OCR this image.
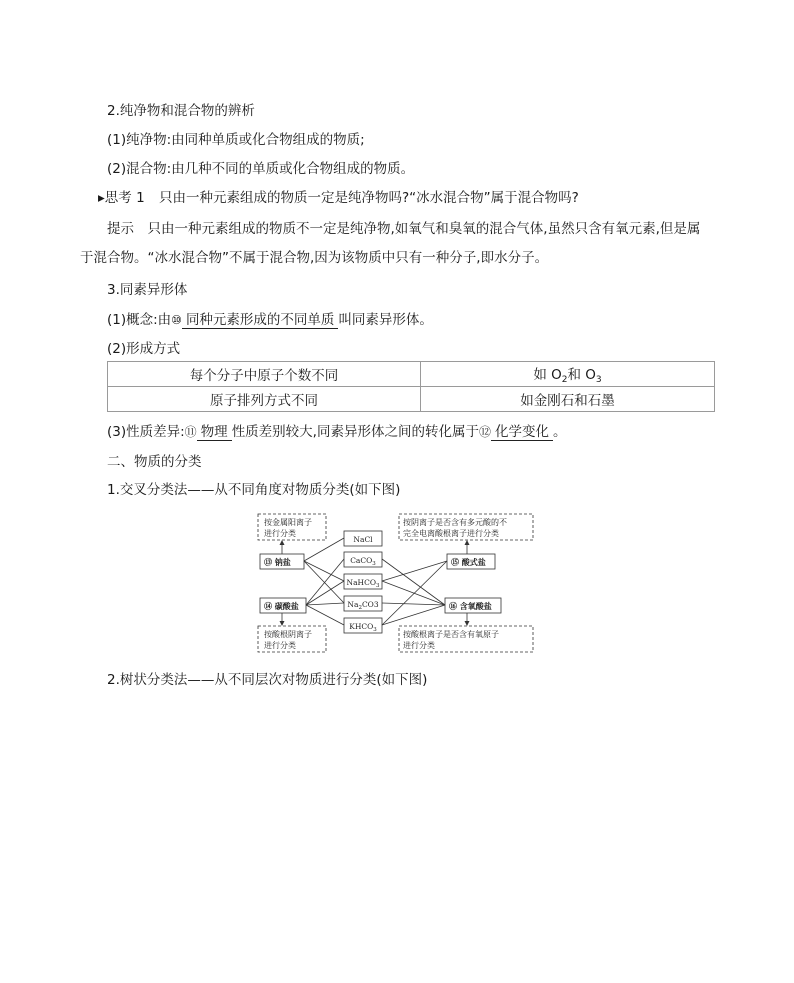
2.纯净物和混合物的辨析
(1)纯净物:由同种单质或化合物组成的物质;
(2)混合物:由几种不同的单质或化合物组成的物质。
▸思考 1 只由一种元素组成的物质一定是纯净物吗?“冰水混合物”属于混合物吗?
提示　只由一种元素组成的物质不一定是纯净物,如氧气和臭氧的混合气体,虽然只含有氧元素,但是属
于混合物。“冰水混合物”不属于混合物,因为该物质中只有一种分子,即水分子。
3.同素异形体
(1)概念:由⑩ 同种元素形成的不同单质 叫同素异形体。
(2)形成方式
每个分子中原子个数不同	如 $O_2$和 $O_3$
原子排列方式不同	如金刚石和石墨
(3)性质差异:⑪ 物理 性质差别较大,同素异形体之间的转化属于⑫ 化学变化 。
二、物质的分类
1.交叉分类法——从不同角度对物质分类(如下图)
按金属阳离子
进行分类
按阴离子是否含有多元酸的不
完全电离酸根离子进行分类
按酸根阴离子
进行分类
按酸根离子是否含有氧原子
进行分类
⑬ 钠盐
⑭ 碳酸盐
⑮ 酸式盐
⑯ 含氧酸盐
NaCl
CaCO$_3$
NaHCO$_3$
$Na_2CO3$
$KHCO_3$
2.树状分类法——从不同层次对物质进行分类(如下图)
